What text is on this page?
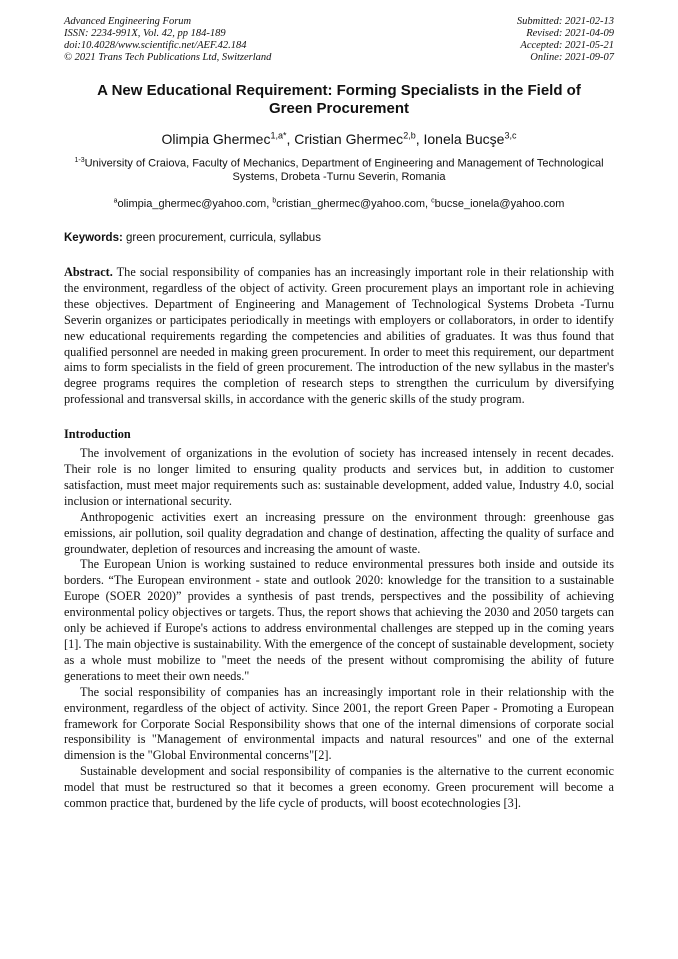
Advanced Engineering Forum
ISSN: 2234-991X, Vol. 42, pp 184-189
doi:10.4028/www.scientific.net/AEF.42.184
© 2021 Trans Tech Publications Ltd, Switzerland
Submitted: 2021-02-13
Revised: 2021-04-09
Accepted: 2021-05-21
Online: 2021-09-07
A New Educational Requirement: Forming Specialists in the Field of Green Procurement
Olimpia Ghermec$^{1,a*}$, Cristian Ghermec$^{2,b}$, Ionela Bucşe$^{3,c}$
$^{1-3}$University of Craiova, Faculty of Mechanics, Department of Engineering and Management of Technological Systems, Drobeta -Turnu Severin, Romania
$^a$olimpia_ghermec@yahoo.com, $^b$cristian_ghermec@yahoo.com, $^c$bucse_ionela@yahoo.com
Keywords: green procurement, curricula, syllabus
Abstract. The social responsibility of companies has an increasingly important role in their relationship with the environment, regardless of the object of activity. Green procurement plays an important role in achieving these objectives. Department of Engineering and Management of Technological Systems Drobeta -Turnu Severin organizes or participates periodically in meetings with employers or collaborators, in order to identify new educational requirements regarding the competencies and abilities of graduates. It was thus found that qualified personnel are needed in making green procurement. In order to meet this requirement, our department aims to form specialists in the field of green procurement. The introduction of the new syllabus in the master's degree programs requires the completion of research steps to strengthen the curriculum by diversifying professional and transversal skills, in accordance with the generic skills of the study program.
Introduction

The involvement of organizations in the evolution of society has increased intensely in recent decades. Their role is no longer limited to ensuring quality products and services but, in addition to customer satisfaction, must meet major requirements such as: sustainable development, added value, Industry 4.0, social inclusion or international security.

Anthropogenic activities exert an increasing pressure on the environment through: greenhouse gas emissions, air pollution, soil quality degradation and change of destination, affecting the quality of surface and groundwater, depletion of resources and increasing the amount of waste.

The European Union is working sustained to reduce environmental pressures both inside and outside its borders. “The European environment - state and outlook 2020: knowledge for the transition to a sustainable Europe (SOER 2020)” provides a synthesis of past trends, perspectives and the possibility of achieving environmental policy objectives or targets. Thus, the report shows that achieving the 2030 and 2050 targets can only be achieved if Europe's actions to address environmental challenges are stepped up in the coming years [1]. The main objective is sustainability. With the emergence of the concept of sustainable development, society as a whole must mobilize to "meet the needs of the present without compromising the ability of future generations to meet their own needs."

The social responsibility of companies has an increasingly important role in their relationship with the environment, regardless of the object of activity. Since 2001, the report Green Paper - Promoting a European framework for Corporate Social Responsibility shows that one of the internal dimensions of corporate social responsibility is "Management of environmental impacts and natural resources" and one of the external dimension is the "Global Environmental concerns"[2].

Sustainable development and social responsibility of companies is the alternative to the current economic model that must be restructured so that it becomes a green economy. Green procurement will become a common practice that, burdened by the life cycle of products, will boost ecotechnologies [3].
